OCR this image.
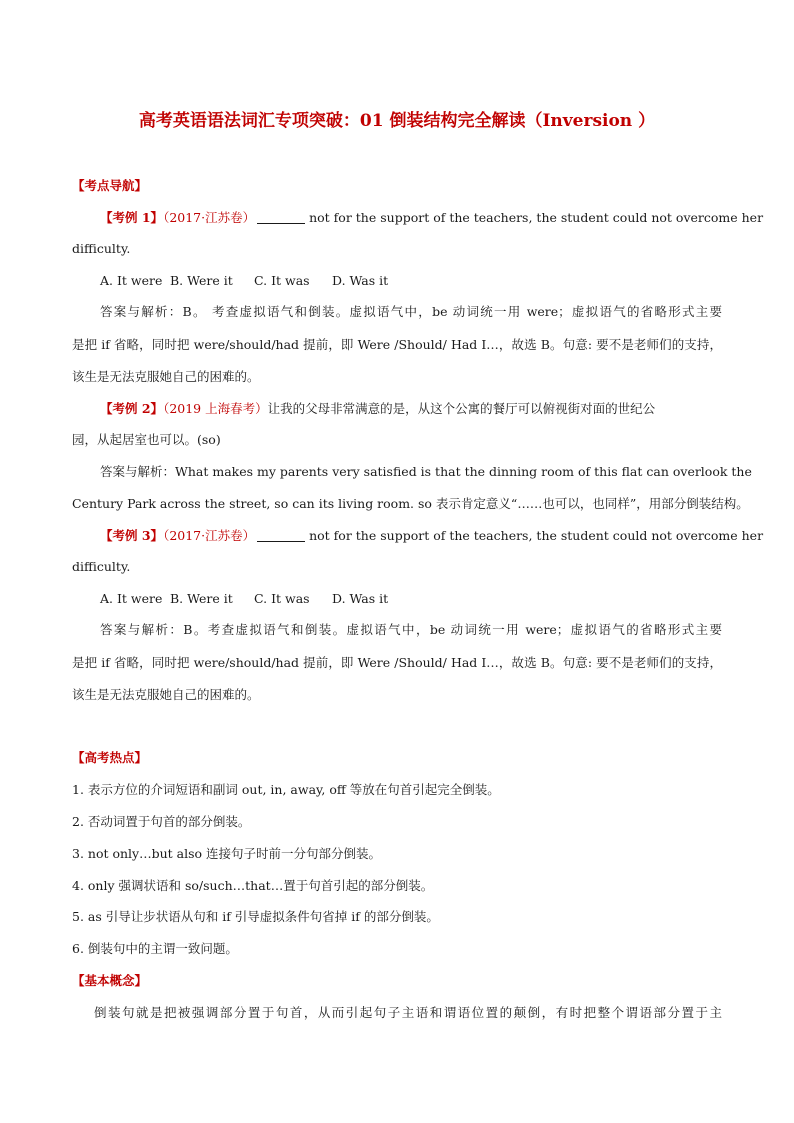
高考英语语法词汇专项突破：01 倒装结构完全解读（Inversion ）
【考点导航】
【考例 1】（2017·江苏卷）	not for the support of the teachers, the student could not overcome her
difficulty.
A. It were B. Were it C. It was D. Was it
答案与解析：B。 考查虚拟语气和倒装。虚拟语气中，be 动词统一用 were；虚拟语气的省略形式主要
是把 if 省略，同时把 were/should/had 提前，即 Were /Should/ Had I…，故选 B。句意: 要不是老师们的支持，
该生是无法克服她自己的困难的。
【考例 2】（2019 上海春考）让我的父母非常满意的是，从这个公寓的餐厅可以俯视街对面的世纪公
园，从起居室也可以。(so)
答案与解析：What makes my parents very satisfied is that the dinning room of this flat can overlook the
Century Park across the street, so can its living room. so 表示肯定意义“……也可以，也同样”，用部分倒装结构。
【考例 3】（2017·江苏卷）	not for the support of the teachers, the student could not overcome her
difficulty.
A. It were B. Were it C. It was D. Was it
答案与解析：B。考查虚拟语气和倒装。虚拟语气中，be 动词统一用 were；虚拟语气的省略形式主要
是把 if 省略，同时把 were/should/had 提前，即 Were /Should/ Had I…，故选 B。句意: 要不是老师们的支持，
该生是无法克服她自己的困难的。
【高考热点】
1. 表示方位的介词短语和副词 out, in, away, off 等放在句首引起完全倒装。
2. 否动词置于句首的部分倒装。
3. not only…but also 连接句子时前一分句部分倒装。
4. only 强调状语和 so/such…that…置于句首引起的部分倒装。
5. as 引导让步状语从句和 if 引导虚拟条件句省掉 if 的部分倒装。
6. 倒装句中的主谓一致问题。
【基本概念】
倒装句就是把被强调部分置于句首，从而引起句子主语和谓语位置的颠倒，有时把整个谓语部分置于主
